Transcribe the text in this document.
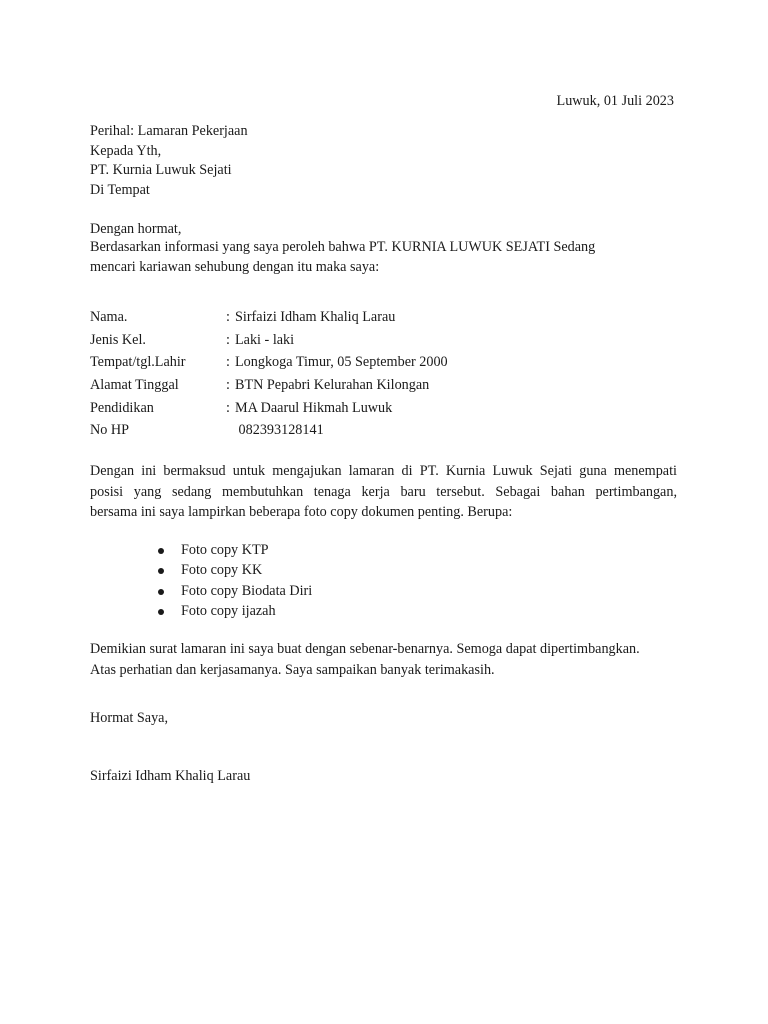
Luwuk, 01 Juli 2023
Perihal: Lamaran Pekerjaan
Kepada Yth,
PT. Kurnia Luwuk Sejati
Di Tempat
Dengan hormat,
Berdasarkan informasi yang saya peroleh bahwa PT. KURNIA LUWUK SEJATI Sedang
mencari kariawan sehubung dengan itu maka saya:
Nama.	: Sirfaizi Idham Khaliq Larau
Jenis Kel.	: Laki - laki
Tempat/tgl.Lahir	: Longkoga Timur, 05 September 2000
Alamat Tinggal	: BTN Pepabri Kelurahan Kilongan
Pendidikan	: MA Daarul Hikmah Luwuk
No HP	082393128141
Dengan ini bermaksud untuk mengajukan lamaran di PT. Kurnia Luwuk Sejati guna menempati
posisi yang sedang membutuhkan tenaga kerja baru tersebut. Sebagai bahan pertimbangan,
bersama ini saya lampirkan beberapa foto copy dokumen penting. Berupa:
Foto copy KTP
Foto copy KK
Foto copy Biodata Diri
Foto copy ijazah
Demikian surat lamaran ini saya buat dengan sebenar-benarnya. Semoga dapat dipertimbangkan.
Atas perhatian dan kerjasamanya. Saya sampaikan banyak terimakasih.
Hormat Saya,
Sirfaizi Idham Khaliq Larau
